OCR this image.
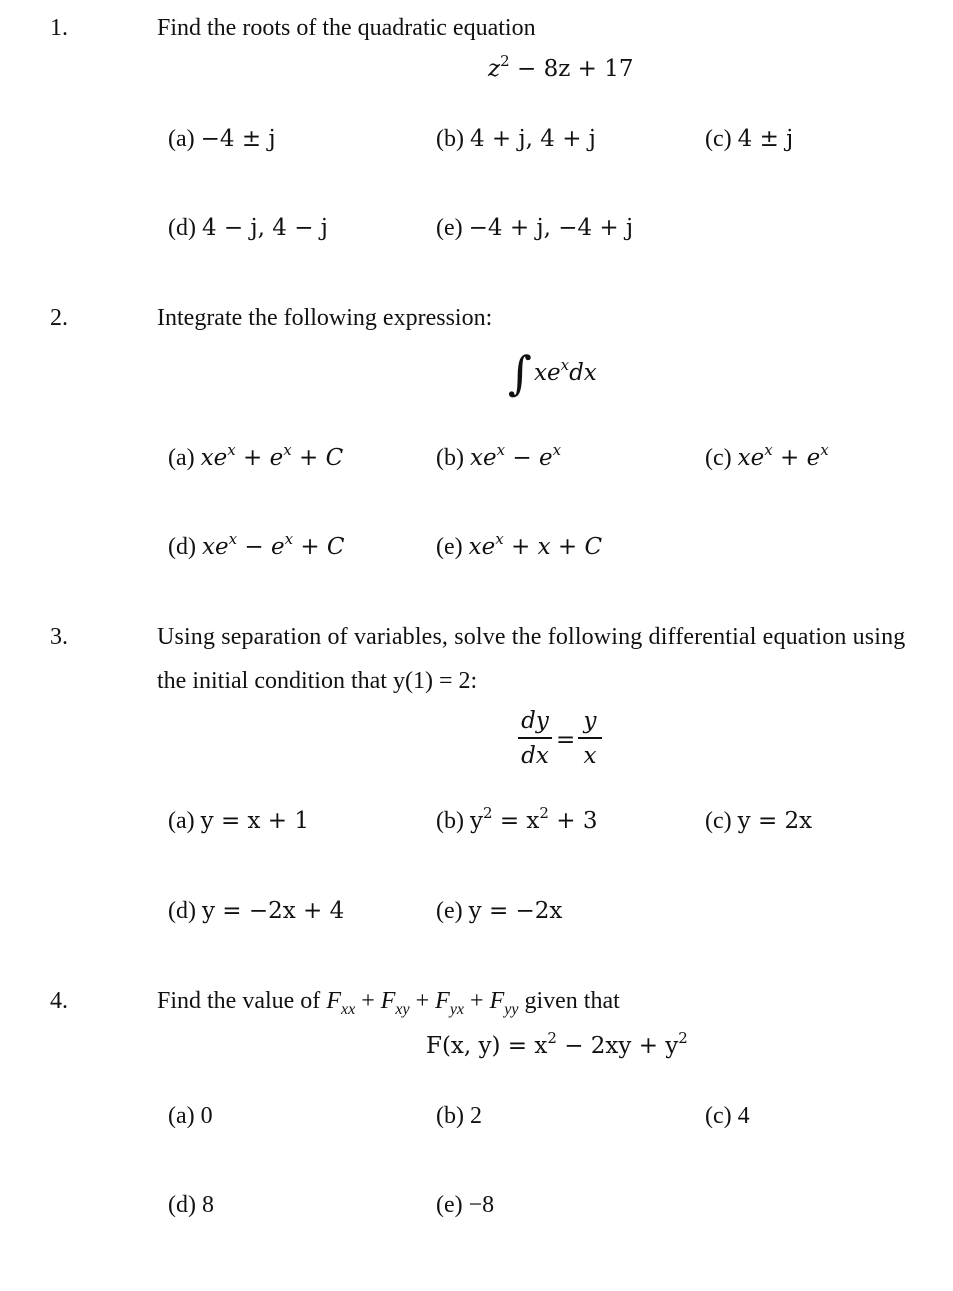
1.	Find the roots of the quadratic equation
$z^2 - 8z + 17$
(a) −4 ± j	(b) 4 + j, 4 + j	(c) 4 ± j
(d) 4 − j, 4 − j	(e) −4 + j, −4 + j
2.	Integrate the following expression:
∫ $xe^xdx$
(a) $xe^x + e^x + C$	(b) $xe^x - e^x$	(c) $xe^x + e^x$
(d) $xe^x - e^x + C$	(e) $xe^x + x + C$
3.	Using separation of variables, solve the following differential equation using
the initial condition that y(1) = 2:
dy
dx
=
y
x
(a) y = x + 1	(b) $y^2 = x^2 + 3$	(c) y = 2x
(d) y = −2x + 4	(e) y = −2x
4.	Find the value of $F_{xx} + F_{xy} + F_{yx} + F_{yy}$ given that
F(x, $y) = x^2 - 2xy + y^2$
(a) 0	(b) 2	(c) 4
(d) 8	(e) −8
